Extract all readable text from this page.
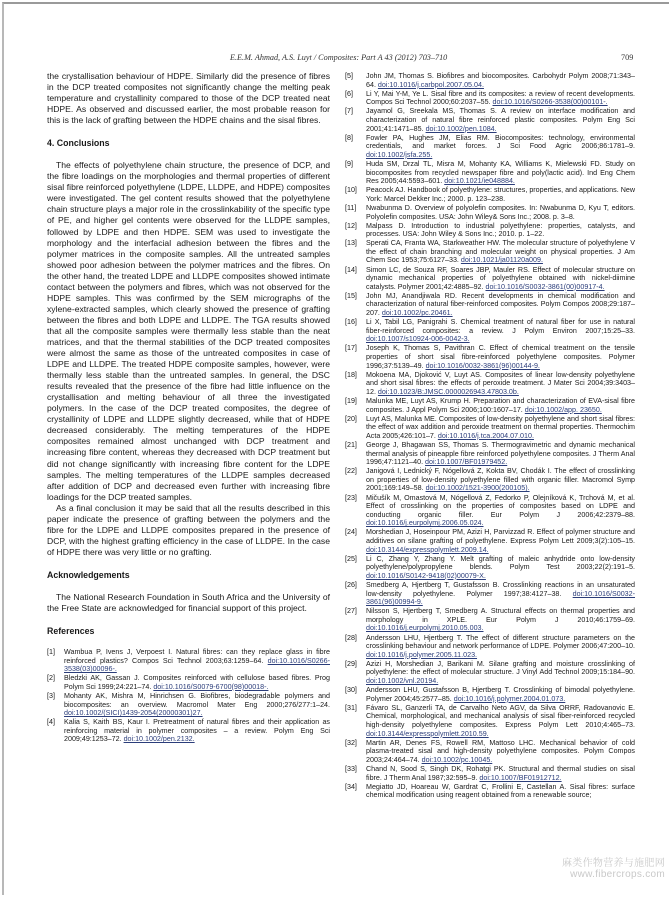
E.E.M. Ahmad, A.S. Luyt / Composites: Part A 43 (2012) 703–710	709

the crystallisation behaviour of HDPE. Similarly did the presence of fibres in the DCP treated composites not significantly change the melting peak temperature and crystallinity compared to those of the DCP treated neat HDPE. As observed and discussed earlier, the most probable reason for this is the lack of grafting between the HDPE chains and the sisal fibres.

4. Conclusions

The effects of polyethylene chain structure, the presence of DCP, and the fibre loadings on the morphologies and thermal properties of different sisal fibre reinforced polyethylene (LDPE, LLDPE, and HDPE) composites were investigated. The gel content results showed that the polyethylene chain structure plays a major role in the crosslinkability of the specific type of PE, and higher gel contents were observed for the LLDPE samples, followed by LDPE and then HDPE. SEM was used to investigate the morphology and the interfacial adhesion between the fibres and the polymer matrices in the composite samples. All the untreated samples showed poor adhesion between the polymer matrices and the fibres. On the other hand, the treated LDPE and LLDPE composites showed intimate contact between the polymers and fibres, which was not observed for the HDPE samples. This was confirmed by the SEM micrographs of the xylene-extracted samples, which clearly showed the presence of grafting between the fibres and both LDPE and LLDPE. The TGA results showed that all the composite samples were thermally less stable than the neat matrices, and that the thermal stabilities of the DCP treated composites were almost the same as those of the untreated composites in case of LDPE and LLDPE. The treated HDPE composite samples, however, were thermally less stable than the untreated samples. In general, the DSC results revealed that the presence of the fibre had little influence on the crystallisation and melting behaviour of all three the investigated polymers. In the case of the DCP treated composites, the degree of crystallinity of LDPE and LLDPE slightly decreased, while that of HDPE decreased considerably. The melting temperatures of the HDPE composites remained almost unchanged with DCP treatment and increasing fibre content, whereas they decreased with DCP treatment but did not change significantly with increasing fibre content for the LDPE samples. The melting temperatures of the LLDPE samples decreased after addition of DCP and decreased even further with increasing fibre loadings for the DCP treated samples.

As a final conclusion it may be said that all the results described in this paper indicate the presence of grafting between the polymers and the fibre for the LDPE and LLDPE composites prepared in the presence of DCP, with the highest grafting efficiency in the case of LLDPE. In the case of HDPE there was very little or no grafting.

Acknowledgements

The National Research Foundation in South Africa and the University of the Free State are acknowledged for financial support of this project.

References
[1] Wambua P, Ivens J, Verpoest I. Natural fibres: can they replace glass in fibre reinforced plastics? Compos Sci Technol 2003;63:1259–64. doi:10.1016/S0266-3538(03)00096-.
[2] Bledzki AK, Gassan J. Composites reinforced with cellulose based fibres. Prog Polym Sci 1999;24:221–74. doi:10.1016/S0079-6700(98)00018-.
[3] Mohanty AK, Mishra M, Hinrichsen G. Biofibres, biodegradable polymers and biocomposites: an overview. Macromol Mater Eng 2000;276/277:1–24. doi:10.1002/(SICI)1439-2054(20000301)27.
[4] Kalia S, Kaith BS, Kaur I. Pretreatment of natural fibres and their application as reinforcing material in polymer composites – a review. Polym Eng Sci 2009;49:1253–72. doi:10.1002/pen.2132.
[5] John JM, Thomas S. Biofibres and biocomposites. Carbohydr Polym 2008;71:343–64. doi:10.1016/j.carbpol.2007.05.04.
[6] Li Y, Mai Y-M, Ye L. Sisal fibre and its composites: a review of recent developments. Compos Sci Technol 2000;60:2037–55. doi:10.1016/S0266-3538(00)00101-.
[7] Jayamol G, Sreekala MS, Thomas S. A review on interface modification and characterization of natural fibre reinforced plastic composites. Polym Eng Sci 2001;41:1471–85. doi:10.1002/pen.1084.
[8] Fowler PA, Hughes JM, Elias RM. Biocomposites: technology, environmental credentials, and market forces. J Sci Food Agric 2006;86:1781–9. doi:10.1002/jsfa.255.
[9] Huda SM, Drzal TL, Misra M, Mohanty KA, Williams K, Mielewski FD. Study on biocomposites from recycled newspaper fibre and poly(lactic acid). Ind Eng Chem Res 2005;44:5593–601. doi:10.1021/ie048884.
[10] Peacock AJ. Handbook of polyethylene: structures, properties, and applications. New York: Marcel Dekker Inc.; 2000. p. 123–238.
[11] Nwabunma D. Overview of polyolefin composites. In: Nwabunma D, Kyu T, editors. Polyolefin composites. USA: John Wiley& Sons Inc.; 2008. p. 3–8.
[12] Malpass D. Introduction to industrial polyethylene: properties, catalysts, and processes. USA: John Wiley & Sons Inc.; 2010. p. 1–22.
[13] Sperati CA, Franta WA, Starkweather HW. The molecular structure of polyethylene V the effect of chain branching and molecular weight on physical properties. J Am Chem Soc 1953;75:6127–33. doi:10.1021/ja01120a009.
[14] Simon LC, de Souza RF, Soares JBP, Mauler RS. Effect of molecular structure on dynamic mechanical properties of polyethylene obtained with nickel-diimine catalysts. Polymer 2001;42:4885–92. doi:10.1016/S0032-3861(00)00917-4.
[15] John MJ, Anandjiwala RD. Recent developments in chemical modification and characterization of natural fiber-reinforced composites. Polym Compos 2008;29:187–207. doi:10.1002/pc.20461.
[16] Li X, Tabil LG, Panigrahi S. Chemical treatment of natural fiber for use in natural fiber-reinforced composites: a review. J Polym Environ 2007;15:25–33. doi:10.1007/s10924-006-0042-3.
[17] Joseph K, Thomas S, Pavithran C. Effect of chemical treatment on the tensile properties of short sisal fibre-reinforced polyethylene composites. Polymer 1996;37:5139–49. doi:10.1016/0032-3861(96)00144-9.
[18] Mokoena MA, Djoković V, Luyt AS. Composites of linear low-density polyethylene and short sisal fibres: the effects of peroxide treatment. J Mater Sci 2004;39:3403–12. doi:10.1023/B:JMSC.0000026943.47803.0b.
[19] Malunka ME, Luyt AS, Krump H. Preparation and characterization of EVA-sisal fibre composites. J Appl Polym Sci 2006;100:1607–17. doi:10.1002/app. 23650.
[20] Luyt AS, Malunka ME. Composites of low-density polyethylene and short sisal fibres: the effect of wax addition and peroxide treatment on thermal properties. Thermochim Acta 2005;426:101–7. doi:10.1016/j.tca.2004.07.010.
[21] George J, Bhagawan SS, Thomas S. Thermogravimetric and dynamic mechanical thermal analysis of pineapple fibre reinforced polyethylene composites. J Therm Anal 1996;47:1121–40. doi:10.1007/BF01979452.
[22] Janigová I, Lednický F, Nógellová Z, Kokta BV, Chodák I. The effect of crosslinking on properties of low-density polyethylene filled with organic filler. Macromol Symp 2001;169:149–58. doi:10.1002/1521-3900(200105).
[23] Mičušík M, Omastová M, Nógellová Z, Fedorko P, Olejníková K, Trchová M, et al. Effect of crosslinking on the properties of composites based on LDPE and conducting organic filler. Eur Polym J 2006;42:2379–88. doi:10.1016/j.eurpolymj.2006.05.024.
[24] Morshedian J, Hoseinpour PM, Azizi H, Parvizzad R. Effect of polymer structure and additives on silane grafting of polyethylene. Express Polym Lett 2009;3(2):105–15. doi:10.3144/expresspolymlett.2009.14.
[25] Li C, Zhang Y, Zhang Y. Melt grafting of maleic anhydride onto low-density polyethylene/polypropylene blends. Polym Test 2003;22(2):191–5. doi:10.1016/S0142-9418(02)00079-X.
[26] Smedberg A, Hjertberg T, Gustafsson B. Crosslinking reactions in an unsaturated low-density polyethylene. Polymer 1997;38:4127–38. doi:10.1016/S0032-3861(96)00994-9.
[27] Nilsson S, Hjertberg T, Smedberg A. Structural effects on thermal properties and morphology in XPLE. Eur Polym J 2010;46:1759–69. doi:10.1016/j.eurpolymj.2010.05.003.
[28] Andersson LHU, Hjertberg T. The effect of different structure parameters on the crosslinking behaviour and network performance of LDPE. Polymer 2006;47:200–10. doi:10.1016/j.polymer.2005.11.023.
[29] Azizi H, Morshedian J, Barikani M. Silane grafting and moisture crosslinking of polyethylene: the effect of molecular structure. J Vinyl Add Technol 2009;15:184–90. doi:10.1002/vnl.20194.
[30] Andersson LHU, Gustafsson B, Hjertberg T. Crosslinking of bimodal polyethylene. Polymer 2004;45:2577–85. doi:10.1016/j.polymer.2004.01.073.
[31] Fávaro SL, Ganzerli TA, de Carvalho Neto AGV, da Silva ORRF, Radovanovic E. Chemical, morphological, and mechanical analysis of sisal fiber-reinforced recycled high-density polyethylene composites. Express Polym Lett 2010;4:465–73. doi:10.3144/expresspolymlett.2010.59.
[32] Martin AR, Denes FS, Rowell RM, Mattoso LHC. Mechanical behavior of cold plasma-treated sisal and high-density polyethylene composites. Polym Compos 2003;24:464–74. doi:10.1002/pc.10045.
[33] Chand N, Sood S, Singh DK, Rohatgi PK. Structural and thermal studies on sisal fibre. J Therm Anal 1987;32:595–9. doi:10.1007/BF01912712.
[34] Megiatto JD, Hoareau W, Gardrat C, Frollini E, Castellan A. Sisal fibres: surface chemical modification using reagent obtained from a renewable source;
麻类作物营养与施肥网
www.fibercrops.com
